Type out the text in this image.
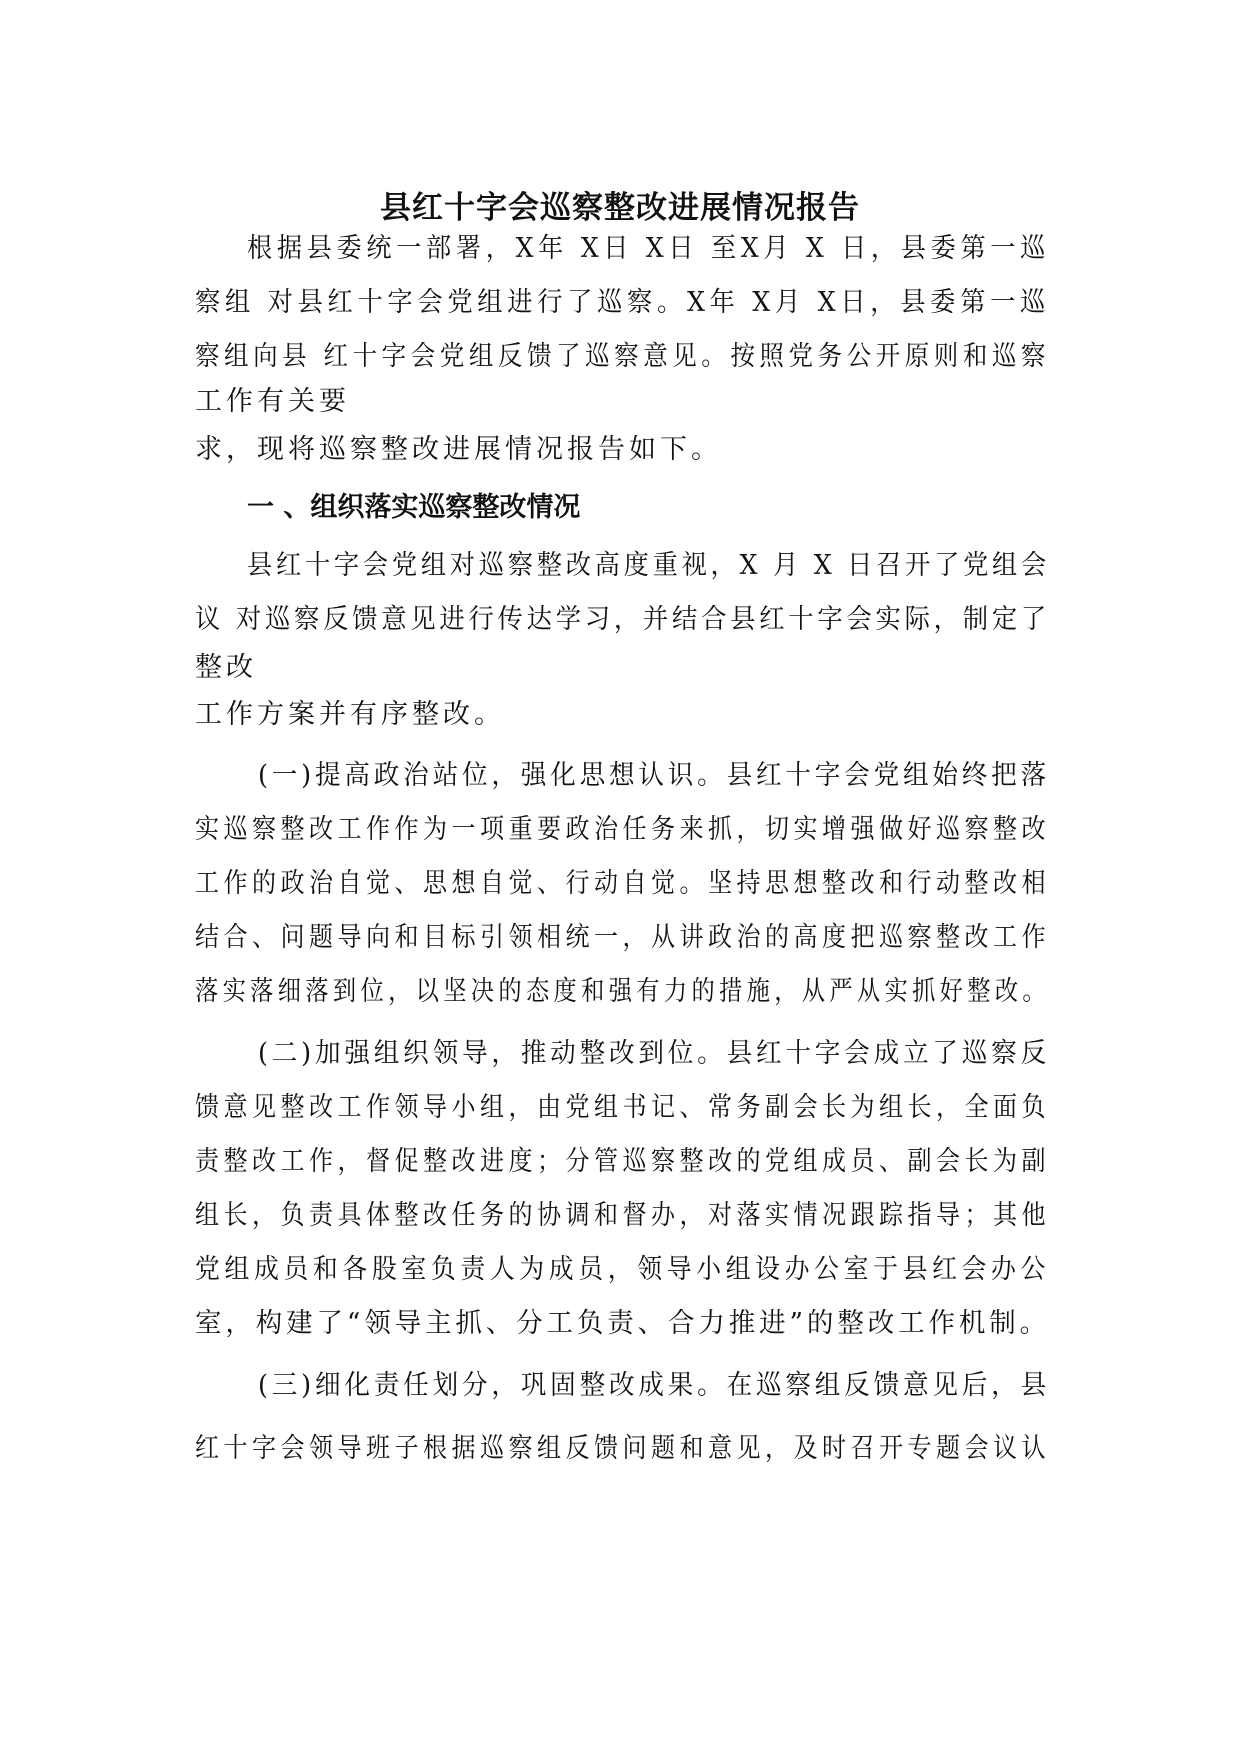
县红十字会巡察整改进展情况报告

根据县委统一部署，X年 X日 X日 至X月 X 日，县委第一巡

察组 对县红十字会党组进行了巡察。X年 X月 X日，县委第一巡

察组向县 红十字会党组反馈了巡察意见。按照党务公开原则和巡察

工作有关要

求，现将巡察整改进展情况报告如下。

一 、组织落实巡察整改情况

县红十字会党组对巡察整改高度重视，X 月 X 日召开了党组会

议 对巡察反馈意见进行传达学习，并结合县红十字会实际，制定了

整改

工作方案并有序整改。

(一)提高政治站位，强化思想认识。县红十字会党组始终把落

实巡察整改工作作为一项重要政治任务来抓，切实增强做好巡察整改

工作的政治自觉、思想自觉、行动自觉。坚持思想整改和行动整改相

结合、问题导向和目标引领相统一，从讲政治的高度把巡察整改工作

落实落细落到位，以坚决的态度和强有力的措施，从严从实抓好整改。

(二)加强组织领导，推动整改到位。县红十字会成立了巡察反

馈意见整改工作领导小组，由党组书记、常务副会长为组长，全面负

责整改工作，督促整改进度；分管巡察整改的党组成员、副会长为副

组长，负责具体整改任务的协调和督办，对落实情况跟踪指导；其他

党组成员和各股室负责人为成员，领导小组设办公室于县红会办公

室，构建了“领导主抓、分工负责、合力推进”的整改工作机制。

(三)细化责任划分，巩固整改成果。在巡察组反馈意见后，县

红十字会领导班子根据巡察组反馈问题和意见，及时召开专题会议认
